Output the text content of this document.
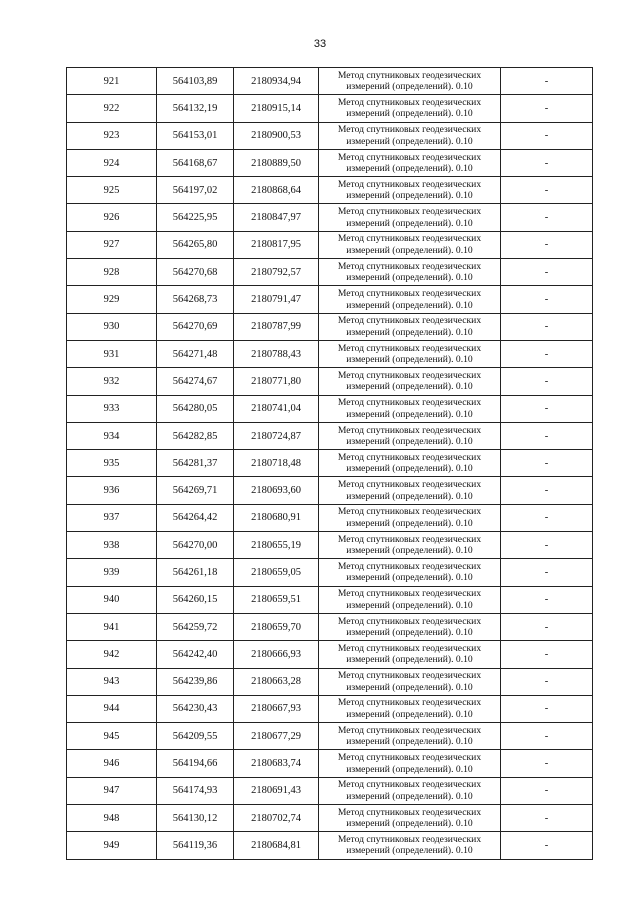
33
921	564103,89	2180934,94	Метод спутниковых геодезических
измерений (определений). 0.10	-
922	564132,19	2180915,14	Метод спутниковых геодезических
измерений (определений). 0.10	-
923	564153,01	2180900,53	Метод спутниковых геодезических
измерений (определений). 0.10	-
924	564168,67	2180889,50	Метод спутниковых геодезических
измерений (определений). 0.10	-
925	564197,02	2180868,64	Метод спутниковых геодезических
измерений (определений). 0.10	-
926	564225,95	2180847,97	Метод спутниковых геодезических
измерений (определений). 0.10	-
927	564265,80	2180817,95	Метод спутниковых геодезических
измерений (определений). 0.10	-
928	564270,68	2180792,57	Метод спутниковых геодезических
измерений (определений). 0.10	-
929	564268,73	2180791,47	Метод спутниковых геодезических
измерений (определений). 0.10	-
930	564270,69	2180787,99	Метод спутниковых геодезических
измерений (определений). 0.10	-
931	564271,48	2180788,43	Метод спутниковых геодезических
измерений (определений). 0.10	-
932	564274,67	2180771,80	Метод спутниковых геодезических
измерений (определений). 0.10	-
933	564280,05	2180741,04	Метод спутниковых геодезических
измерений (определений). 0.10	-
934	564282,85	2180724,87	Метод спутниковых геодезических
измерений (определений). 0.10	-
935	564281,37	2180718,48	Метод спутниковых геодезических
измерений (определений). 0.10	-
936	564269,71	2180693,60	Метод спутниковых геодезических
измерений (определений). 0.10	-
937	564264,42	2180680,91	Метод спутниковых геодезических
измерений (определений). 0.10	-
938	564270,00	2180655,19	Метод спутниковых геодезических
измерений (определений). 0.10	-
939	564261,18	2180659,05	Метод спутниковых геодезических
измерений (определений). 0.10	-
940	564260,15	2180659,51	Метод спутниковых геодезических
измерений (определений). 0.10	-
941	564259,72	2180659,70	Метод спутниковых геодезических
измерений (определений). 0.10	-
942	564242,40	2180666,93	Метод спутниковых геодезических
измерений (определений). 0.10	-
943	564239,86	2180663,28	Метод спутниковых геодезических
измерений (определений). 0.10	-
944	564230,43	2180667,93	Метод спутниковых геодезических
измерений (определений). 0.10	-
945	564209,55	2180677,29	Метод спутниковых геодезических
измерений (определений). 0.10	-
946	564194,66	2180683,74	Метод спутниковых геодезических
измерений (определений). 0.10	-
947	564174,93	2180691,43	Метод спутниковых геодезических
измерений (определений). 0.10	-
948	564130,12	2180702,74	Метод спутниковых геодезических
измерений (определений). 0.10	-
949	564119,36	2180684,81	Метод спутниковых геодезических
измерений (определений). 0.10	-
